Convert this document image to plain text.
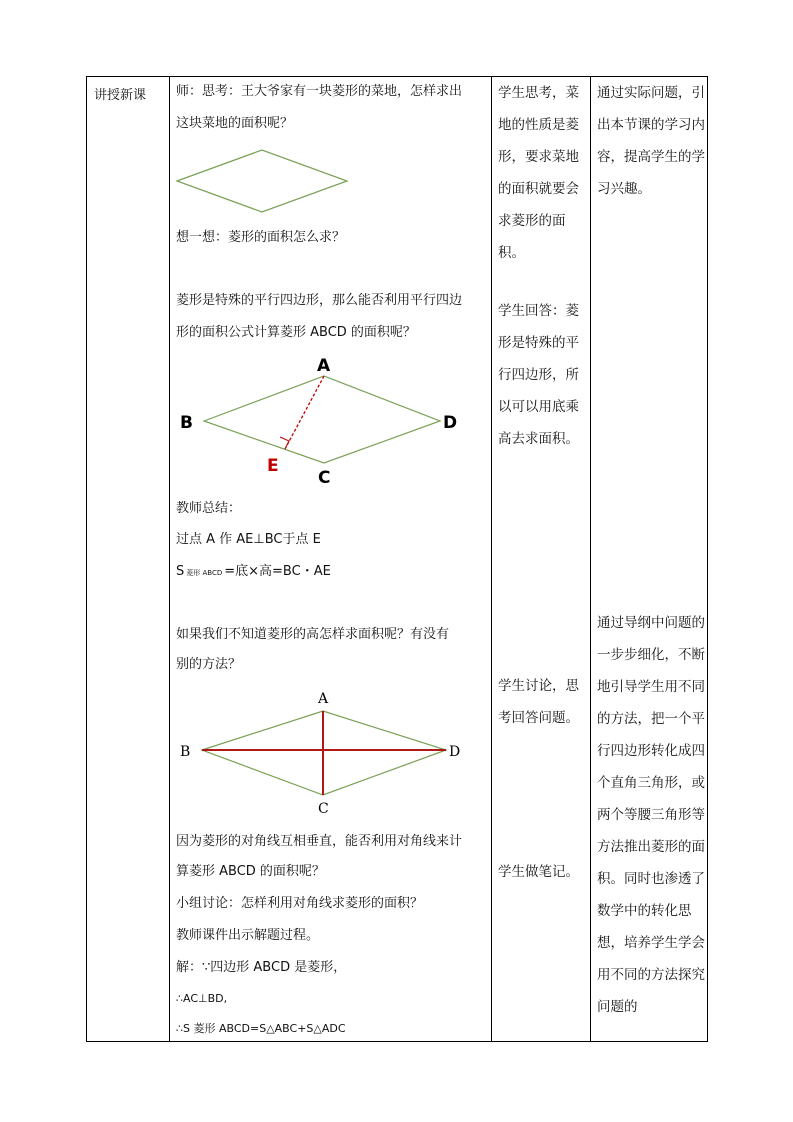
讲授新课	师：思考：王大爷家有一块菱形的菜地，怎样求出
这块菜地的面积呢？
想一想：菱形的面积怎么求？
菱形是特殊的平行四边形，那么能否利用平行四边
形的面积公式计算菱形 ABCD 的面积呢？
A
B
C
D
E
教师总结：
过点 A 作 AE⊥BC于点 E
S菱形 ABCD =底×高=BC・AE
如果我们不知道菱形的高怎样求面积呢？有没有
别的方法？
A
B
C
D
因为菱形的对角线互相垂直，能否利用对角线来计
算菱形 ABCD 的面积呢？
小组讨论：怎样利用对角线求菱形的面积？
教师课件出示解题过程。
解：∵四边形 ABCD 是菱形，
∴AC⊥BD,
∴S 菱形 ABCD=S△ABC+S△ADC
学生思考，菜地的性质是菱形，要求菜地的面积就要会求菱形的面积。
学生回答：菱形是特殊的平行四边形，所以可以用底乘高去求面积。
学生讨论，思考回答问题。
学生做笔记。
通过实际问题，引出本节课的学习内容，提高学生的学习兴趣。
通过导纲中问题的一步步细化，不断地引导学生用不同的方法，把一个平行四边形转化成四个直角三角形，或两个等腰三角形等方法推出菱形的面积。同时也渗透了数学中的转化思想，培养学生学会用不同的方法探究问题的
